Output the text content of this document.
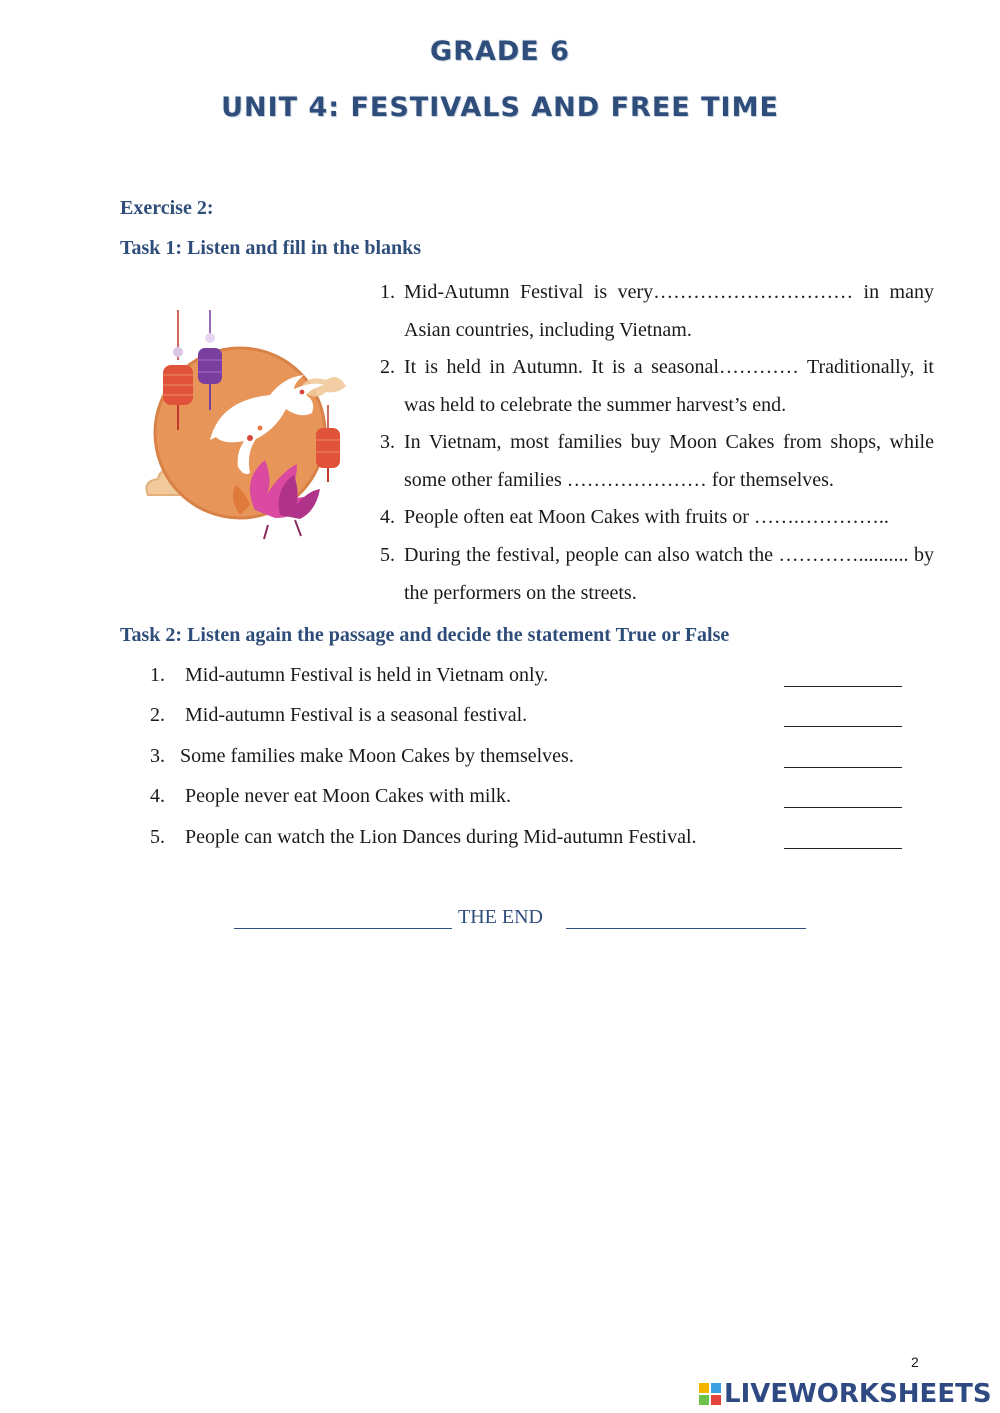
GRADE 6
UNIT 4: FESTIVALS AND FREE TIME
Exercise 2:
Task 1: Listen and fill in the blanks
1. Mid-Autumn Festival is very………………………… in many Asian countries, including Vietnam.
2. It is held in Autumn. It is a seasonal………… Traditionally, it was held to celebrate the summer harvest’s end.
3. In Vietnam, most families buy Moon Cakes from shops, while some other families ………………… for themselves.
4. People often eat Moon Cakes with fruits or …….…………..
5. During the festival, people can also watch the ………….......... by the performers on the streets.
Task 2: Listen again the passage and decide the statement True or False
1. Mid-autumn Festival is held in Vietnam only.
2. Mid-autumn Festival is a seasonal festival.
3. Some families make Moon Cakes by themselves.
4. People never eat Moon Cakes with milk.
5. People can watch the Lion Dances during Mid-autumn Festival.
THE END
2
LIVEWORKSHEETS
